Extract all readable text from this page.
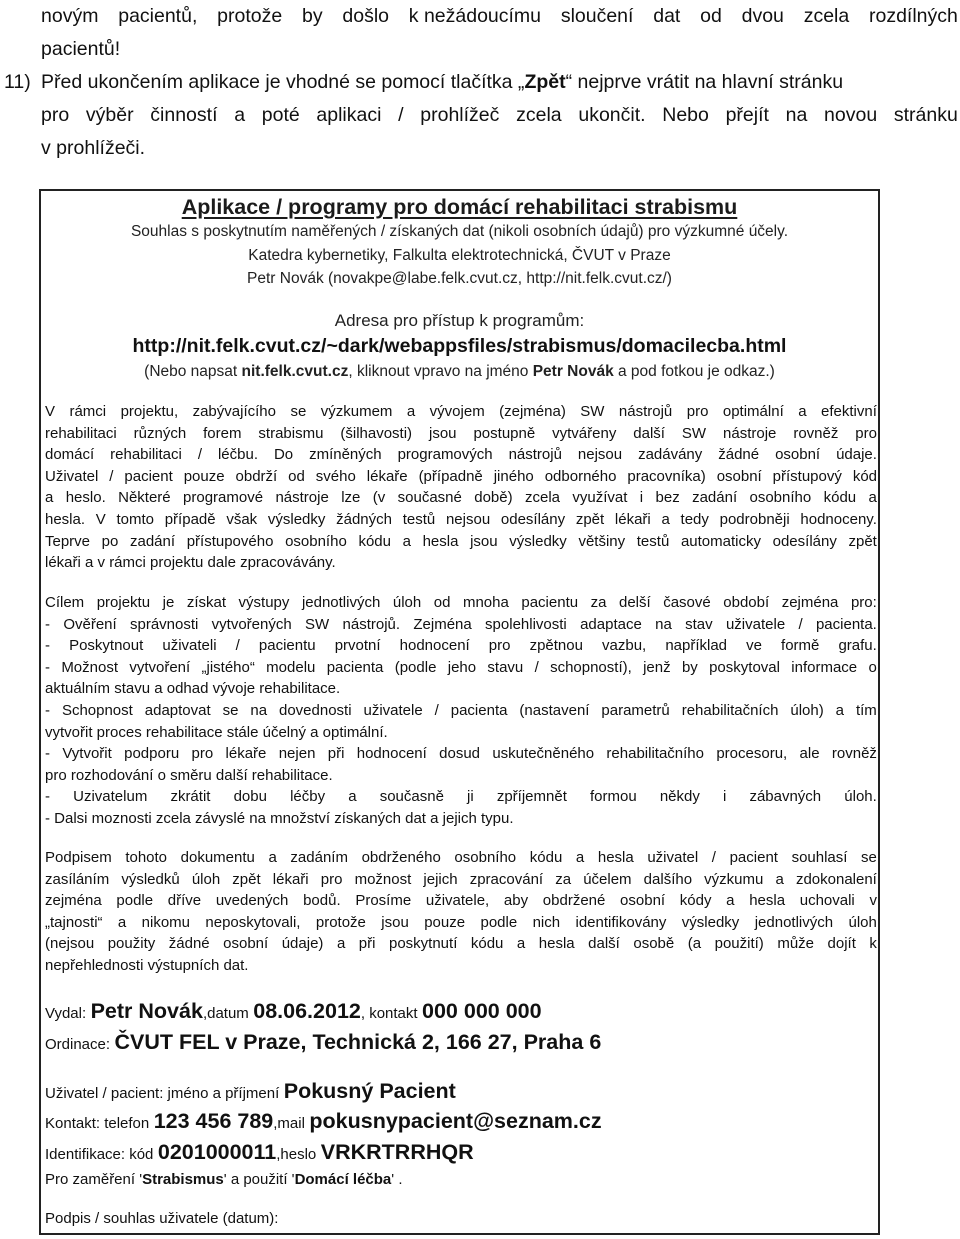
novým pacientů, protože by došlo k nežádoucímu sloučení dat od dvou zcela rozdílných
pacientů!
11) Před ukončením aplikace je vhodné se pomocí tlačítka „Zpět“ nejprve vrátit na hlavní stránku
pro výběr činností a poté aplikaci / prohlížeč zcela ukončit. Nebo přejít na novou stránku
v prohlížeči.
Aplikace / programy pro domácí rehabilitaci strabismu
Souhlas s poskytnutím naměřených / získaných dat (nikoli osobních údajů) pro výzkumné účely.
Katedra kybernetiky, Falkulta elektrotechnická, ČVUT v Praze
Petr Novák (novakpe@labe.felk.cvut.cz, http://nit.felk.cvut.cz/)
Adresa pro přístup k programům:
http://nit.felk.cvut.cz/~dark/webappsfiles/strabismus/domacilecba.html
(Nebo napsat nit.felk.cvut.cz, kliknout vpravo na jméno Petr Novák a pod fotkou je odkaz.)
V rámci projektu, zabývajícího se výzkumem a vývojem (zejména) SW nástrojů pro optimální a efektivní
rehabilitaci různých forem strabismu (šilhavosti) jsou postupně vytvářeny další SW nástroje rovněž pro
domácí rehabilitaci / léčbu. Do zmíněných programových nástrojů nejsou zadávány žádné osobní údaje.
Uživatel / pacient pouze obdrží od svého lékaře (případně jiného odborného pracovníka) osobní přístupový kód
a heslo. Některé programové nástroje lze (v současné době) zcela využívat i bez zadání osobního kódu a
hesla. V tomto případě však výsledky žádných testů nejsou odesílány zpět lékaři a tedy podrobněji hodnoceny.
Teprve po zadání přístupového osobního kódu a hesla jsou výsledky většiny testů automaticky odesílány zpět
lékaři a v rámci projektu dale zpracovávány.
Cílem projektu je získat výstupy jednotlivých úloh od mnoha pacientu za delší časové období zejména pro:
- Ověření správnosti vytvořených SW nástrojů. Zejména spolehlivosti adaptace na stav uživatele / pacienta.
- Poskytnout uživateli / pacientu prvotní hodnocení pro zpětnou vazbu, například ve formě grafu.
- Možnost vytvoření „jistého“ modelu pacienta (podle jeho stavu / schopností), jenž by poskytoval informace o
aktuálním stavu a odhad vývoje rehabilitace.
- Schopnost adaptovat se na dovednosti uživatele / pacienta (nastavení parametrů rehabilitačních úloh) a tím
vytvořit proces rehabilitace stále účelný a optimální.
- Vytvořit podporu pro lékaře nejen při hodnocení dosud uskutečněného rehabilitačního procesoru, ale rovněž
pro rozhodování o směru další rehabilitace.
- Uzivatelum zkrátit dobu léčby a současně ji zpříjemnět formou někdy i zábavných úloh.
- Dalsi moznosti zcela závyslé na množství získaných dat a jejich typu.
Podpisem tohoto dokumentu a zadáním obdrženého osobního kódu a hesla uživatel / pacient souhlasí se
zasíláním výsledků úloh zpět lékaři pro možnost jejich zpracování za účelem dalšího výzkumu a zdokonalení
zejména podle dříve uvedených bodů. Prosíme uživatele, aby obdržené osobní kódy a hesla uchovali v
„tajnosti“ a nikomu neposkytovali, protože jsou pouze podle nich identifikovány výsledky jednotlivých úloh
(nejsou použity žádné osobní údaje) a při poskytnutí kódu a hesla další osobě (a použití) může dojít k
nepřehlednosti výstupních dat.
Vydal: Petr Novák,datum 08.06.2012, kontakt 000 000 000
Ordinace: ČVUT FEL v Praze, Technická 2, 166 27, Praha 6
Uživatel / pacient: jméno a příjmení Pokusný Pacient
Kontakt: telefon 123 456 789,mail pokusnypacient@seznam.cz
Identifikace: kód 0201000011,heslo VRKRTRRHQR
Pro zaměření 'Strabismus' a použití 'Domácí léčba' .
Podpis / souhlas uživatele (datum):
